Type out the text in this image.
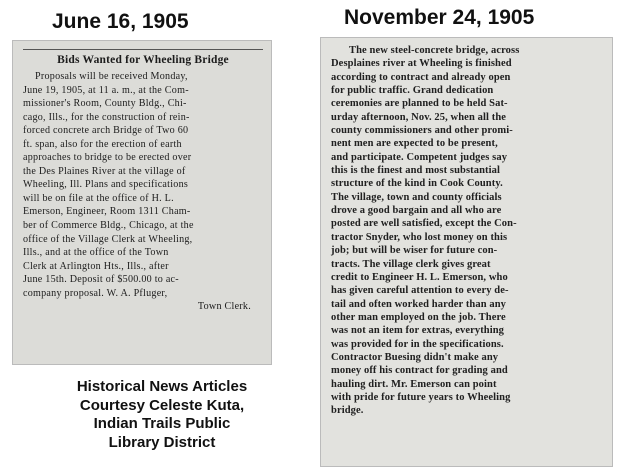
June 16, 1905	November 24, 1905
Bids Wanted for Wheeling Bridge
Proposals will be received Monday,
June 19, 1905, at 11 a. m., at the Com-
missioner's Room, County Bldg., Chi-
cago, Ills., for the construction of rein-
forced concrete arch Bridge of Two 60
ft. span, also for the erection of earth
approaches to bridge to be erected over
the Des Plaines River at the village of
Wheeling, Ill. Plans and specifications
will be on file at the office of H. L.
Emerson, Engineer, Room 1311 Cham-
ber of Commerce Bldg., Chicago, at the
office of the Village Clerk at Wheeling,
Ills., and at the office of the Town
Clerk at Arlington Hts., Ills., after
June 15th. Deposit of $500.00 to ac-
company proposal. W. A. Pfluger,
Town Clerk.
The new steel-concrete bridge, across
Desplaines river at Wheeling is finished
according to contract and already open
for public traffic. Grand dedication
ceremonies are planned to be held Sat-
urday afternoon, Nov. 25, when all the
county commissioners and other promi-
nent men are expected to be present,
and participate. Competent judges say
this is the finest and most substantial
structure of the kind in Cook County.
The village, town and county officials
drove a good bargain and all who are
posted are well satisfied, except the Con-
tractor Snyder, who lost money on this
job; but will be wiser for future con-
tracts. The village clerk gives great
credit to Engineer H. L. Emerson, who
has given careful attention to every de-
tail and often worked harder than any
other man employed on the job. There
was not an item for extras, everything
was provided for in the specifications.
Contractor Buesing didn't make any
money off his contract for grading and
hauling dirt. Mr. Emerson can point
with pride for future years to Wheeling
bridge.
Historical News Articles
Courtesy Celeste Kuta,
Indian Trails Public
Library District
